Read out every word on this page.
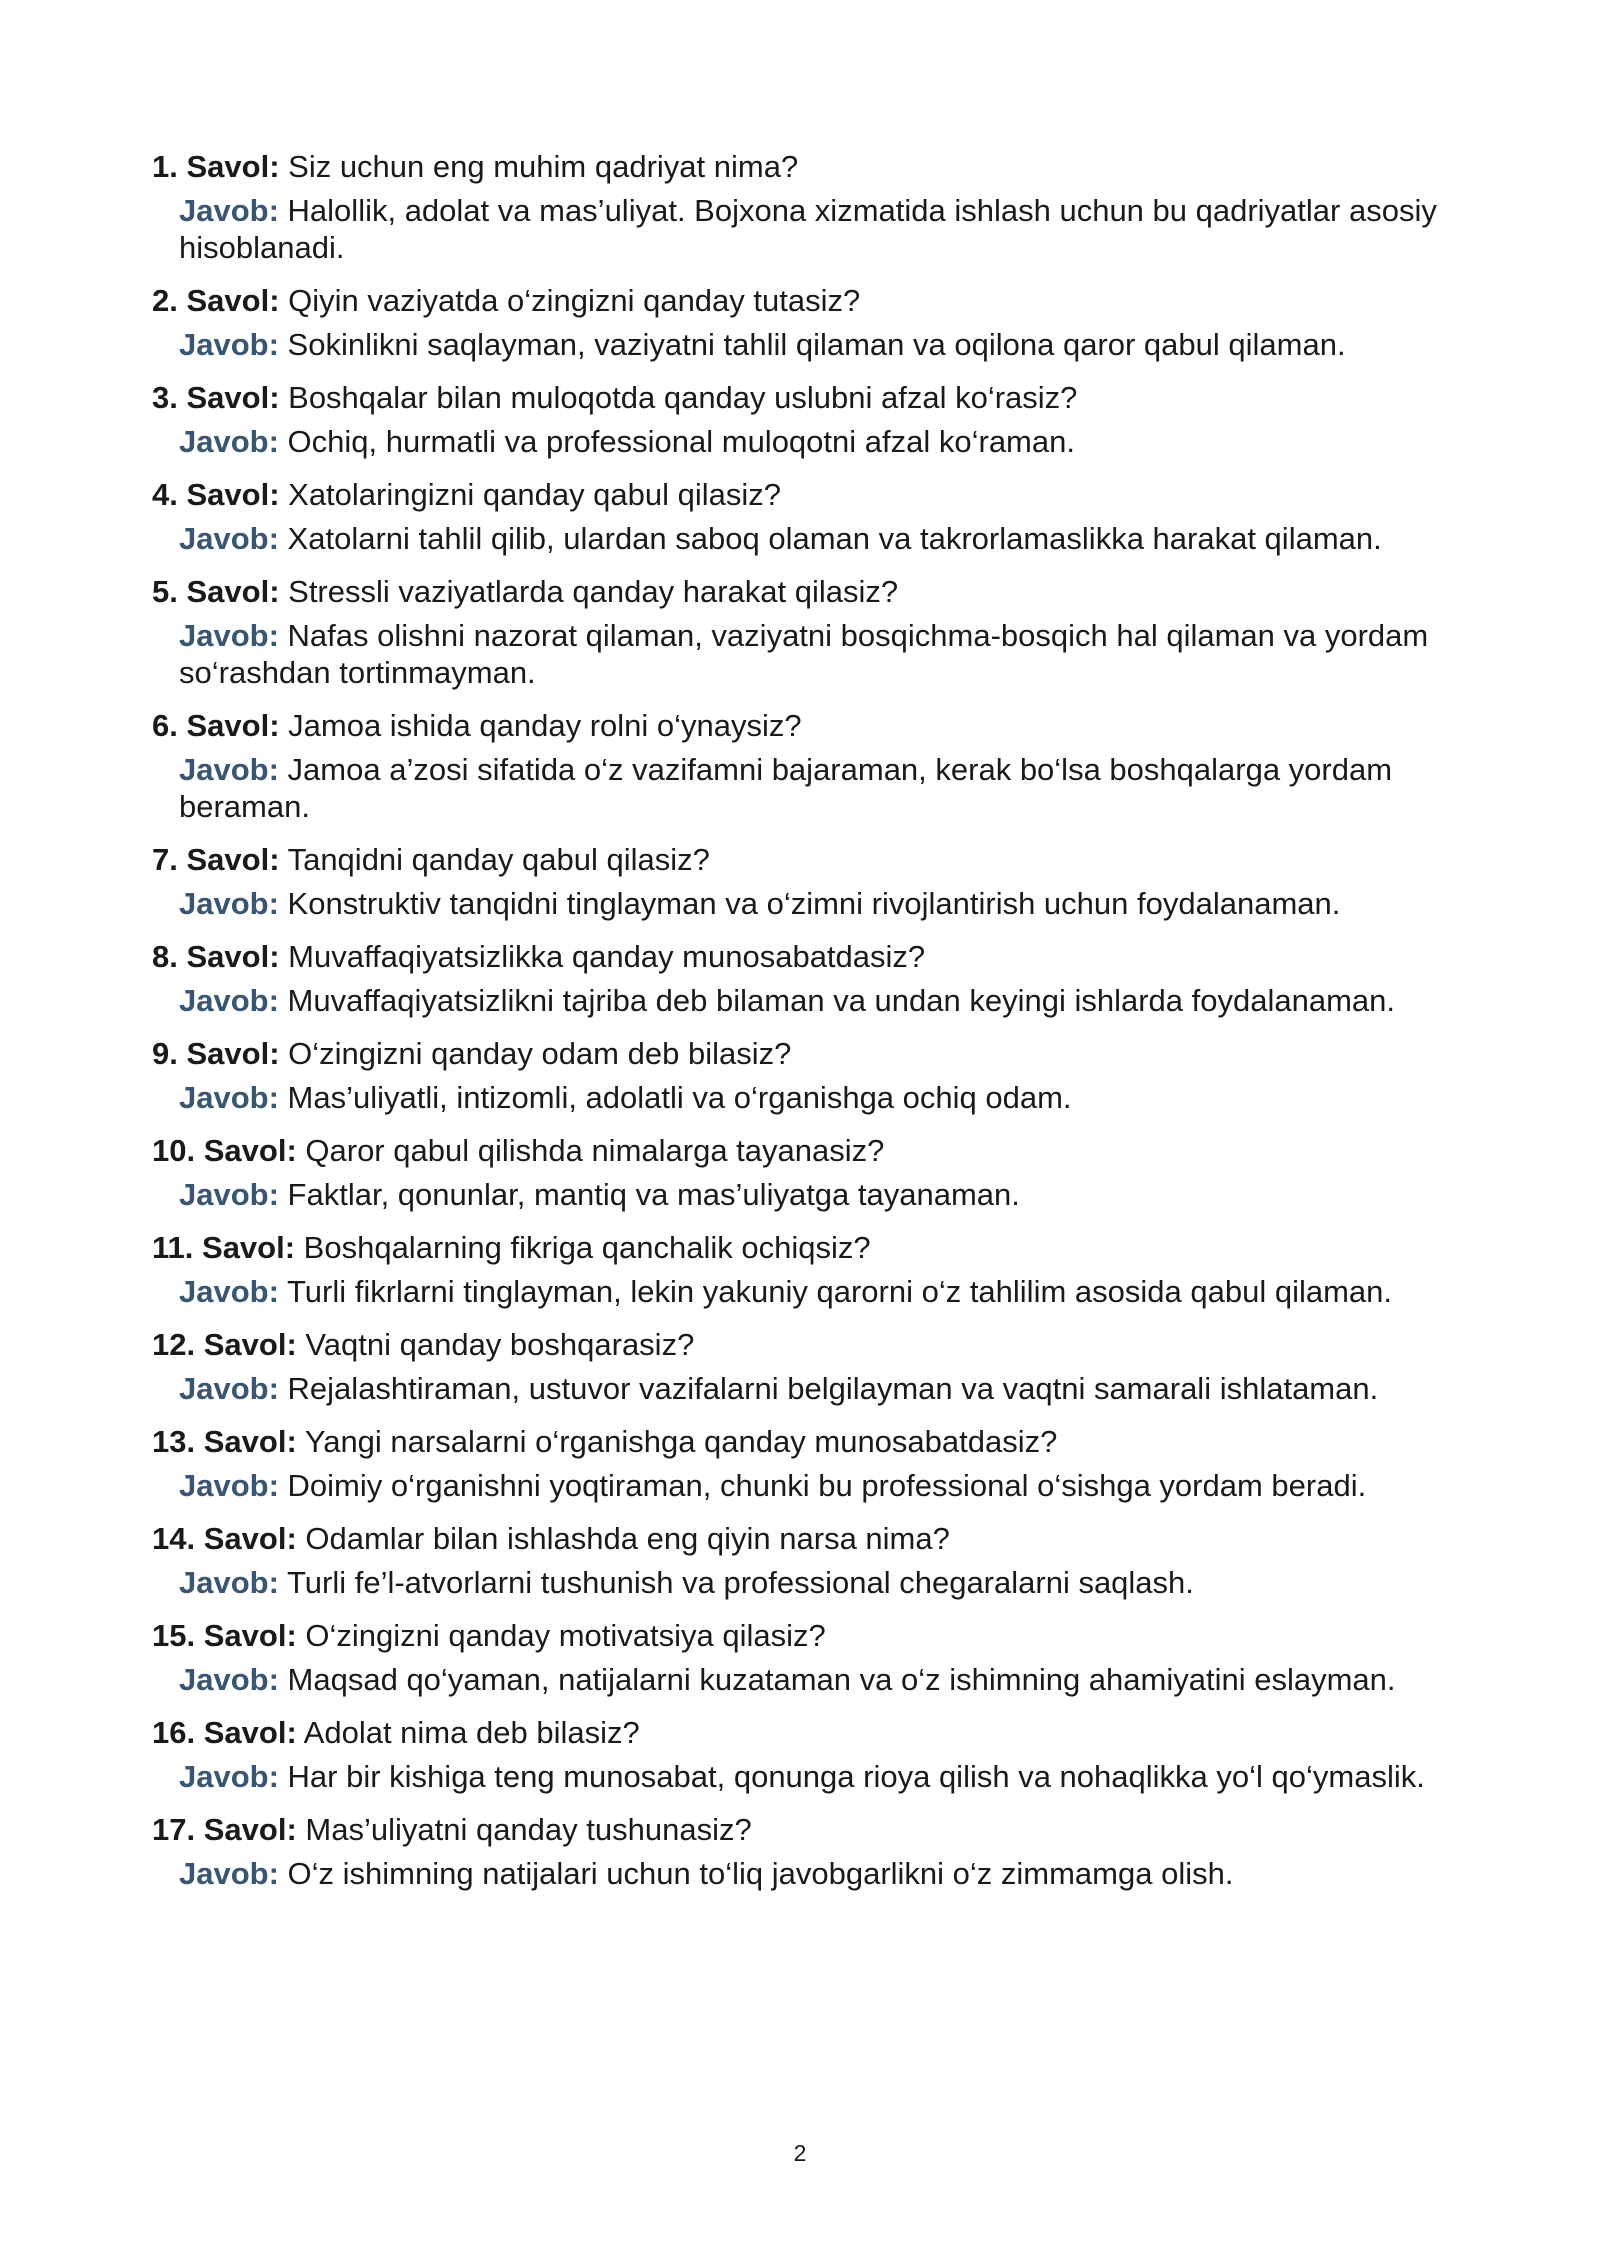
1. Savol: Siz uchun eng muhim qadriyat nima?

Javob: Halollik, adolat va mas’uliyat. Bojxona xizmatida ishlash uchun bu qadriyatlar asosiy hisoblanadi.

2. Savol: Qiyin vaziyatda o‘zingizni qanday tutasiz?

Javob: Sokinlikni saqlayman, vaziyatni tahlil qilaman va oqilona qaror qabul qilaman.

3. Savol: Boshqalar bilan muloqotda qanday uslubni afzal ko‘rasiz?

Javob: Ochiq, hurmatli va professional muloqotni afzal ko‘raman.

4. Savol: Xatolaringizni qanday qabul qilasiz?

Javob: Xatolarni tahlil qilib, ulardan saboq olaman va takrorlamaslikka harakat qilaman.

5. Savol: Stressli vaziyatlarda qanday harakat qilasiz?

Javob: Nafas olishni nazorat qilaman, vaziyatni bosqichma-bosqich hal qilaman va yordam so‘rashdan tortinmayman.

6. Savol: Jamoa ishida qanday rolni o‘ynaysiz?

Javob: Jamoa a’zosi sifatida o‘z vazifamni bajaraman, kerak bo‘lsa boshqalarga yordam beraman.

7. Savol: Tanqidni qanday qabul qilasiz?

Javob: Konstruktiv tanqidni tinglayman va o‘zimni rivojlantirish uchun foydalanaman.

8. Savol: Muvaffaqiyatsizlikka qanday munosabatdasiz?

Javob: Muvaffaqiyatsizlikni tajriba deb bilaman va undan keyingi ishlarda foydalanaman.

9. Savol: O‘zingizni qanday odam deb bilasiz?

Javob: Mas’uliyatli, intizomli, adolatli va o‘rganishga ochiq odam.

10. Savol: Qaror qabul qilishda nimalarga tayanasiz?

Javob: Faktlar, qonunlar, mantiq va mas’uliyatga tayanaman.

11. Savol: Boshqalarning fikriga qanchalik ochiqsiz?

Javob: Turli fikrlarni tinglayman, lekin yakuniy qarorni o‘z tahlilim asosida qabul qilaman.

12. Savol: Vaqtni qanday boshqarasiz?

Javob: Rejalashtiraman, ustuvor vazifalarni belgilayman va vaqtni samarali ishlataman.

13. Savol: Yangi narsalarni o‘rganishga qanday munosabatdasiz?

Javob: Doimiy o‘rganishni yoqtiraman, chunki bu professional o‘sishga yordam beradi.

14. Savol: Odamlar bilan ishlashda eng qiyin narsa nima?

Javob: Turli fe’l-atvorlarni tushunish va professional chegaralarni saqlash.

15. Savol: O‘zingizni qanday motivatsiya qilasiz?

Javob: Maqsad qo‘yaman, natijalarni kuzataman va o‘z ishimning ahamiyatini eslayman.

16. Savol: Adolat nima deb bilasiz?

Javob: Har bir kishiga teng munosabat, qonunga rioya qilish va nohaqlikka yo‘l qo‘ymaslik.

17. Savol: Mas’uliyatni qanday tushunasiz?

Javob: O‘z ishimning natijalari uchun to‘liq javobgarlikni o‘z zimmamga olish.

2
